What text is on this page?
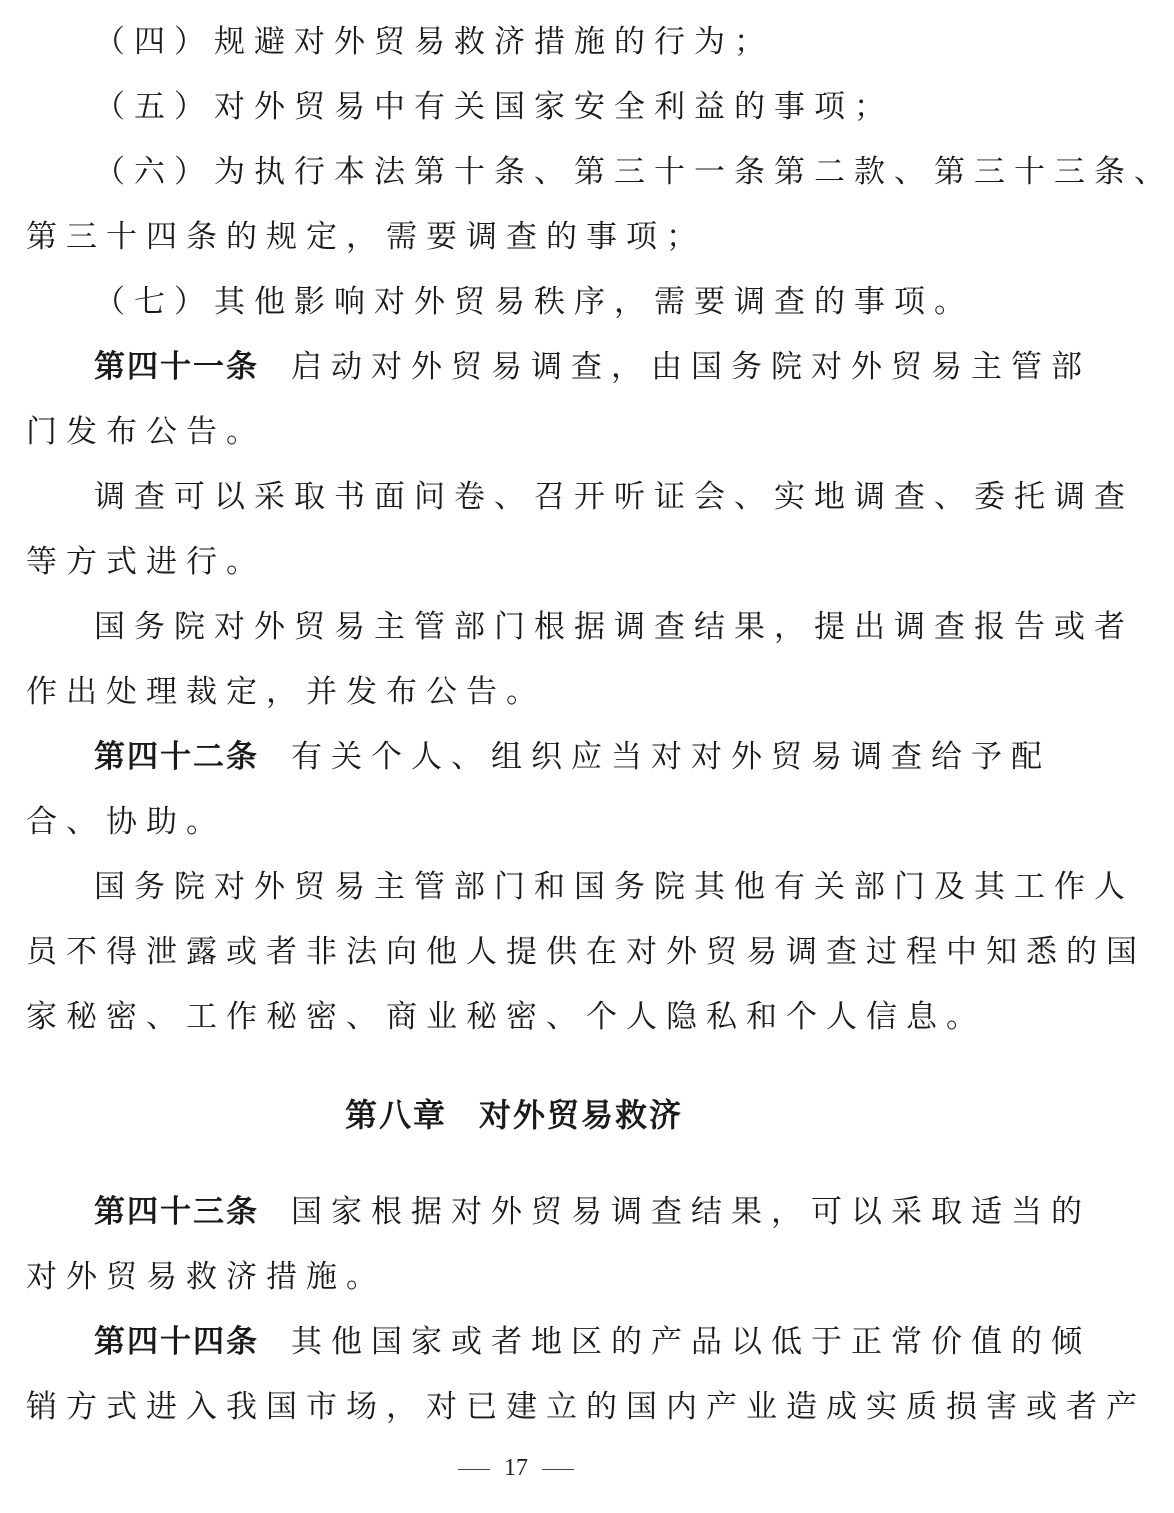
（四）规避对外贸易救济措施的行为；
（五）对外贸易中有关国家安全利益的事项；
（六）为执行本法第十条、第三十一条第二款、第三十三条、
第三十四条的规定，需要调查的事项；
（七）其他影响对外贸易秩序，需要调查的事项。
第四十一条 启动对外贸易调查，由国务院对外贸易主管部
门发布公告。
调查可以采取书面问卷、召开听证会、实地调查、委托调查
等方式进行。
国务院对外贸易主管部门根据调查结果，提出调查报告或者
作出处理裁定，并发布公告。
第四十二条 有关个人、组织应当对对外贸易调查给予配
合、协助。
国务院对外贸易主管部门和国务院其他有关部门及其工作人
员不得泄露或者非法向他人提供在对外贸易调查过程中知悉的国
家秘密、工作秘密、商业秘密、个人隐私和个人信息。
第八章 对外贸易救济
第四十三条 国家根据对外贸易调查结果，可以采取适当的
对外贸易救济措施。
第四十四条 其他国家或者地区的产品以低于正常价值的倾
销方式进入我国市场，对已建立的国内产业造成实质损害或者产
17
